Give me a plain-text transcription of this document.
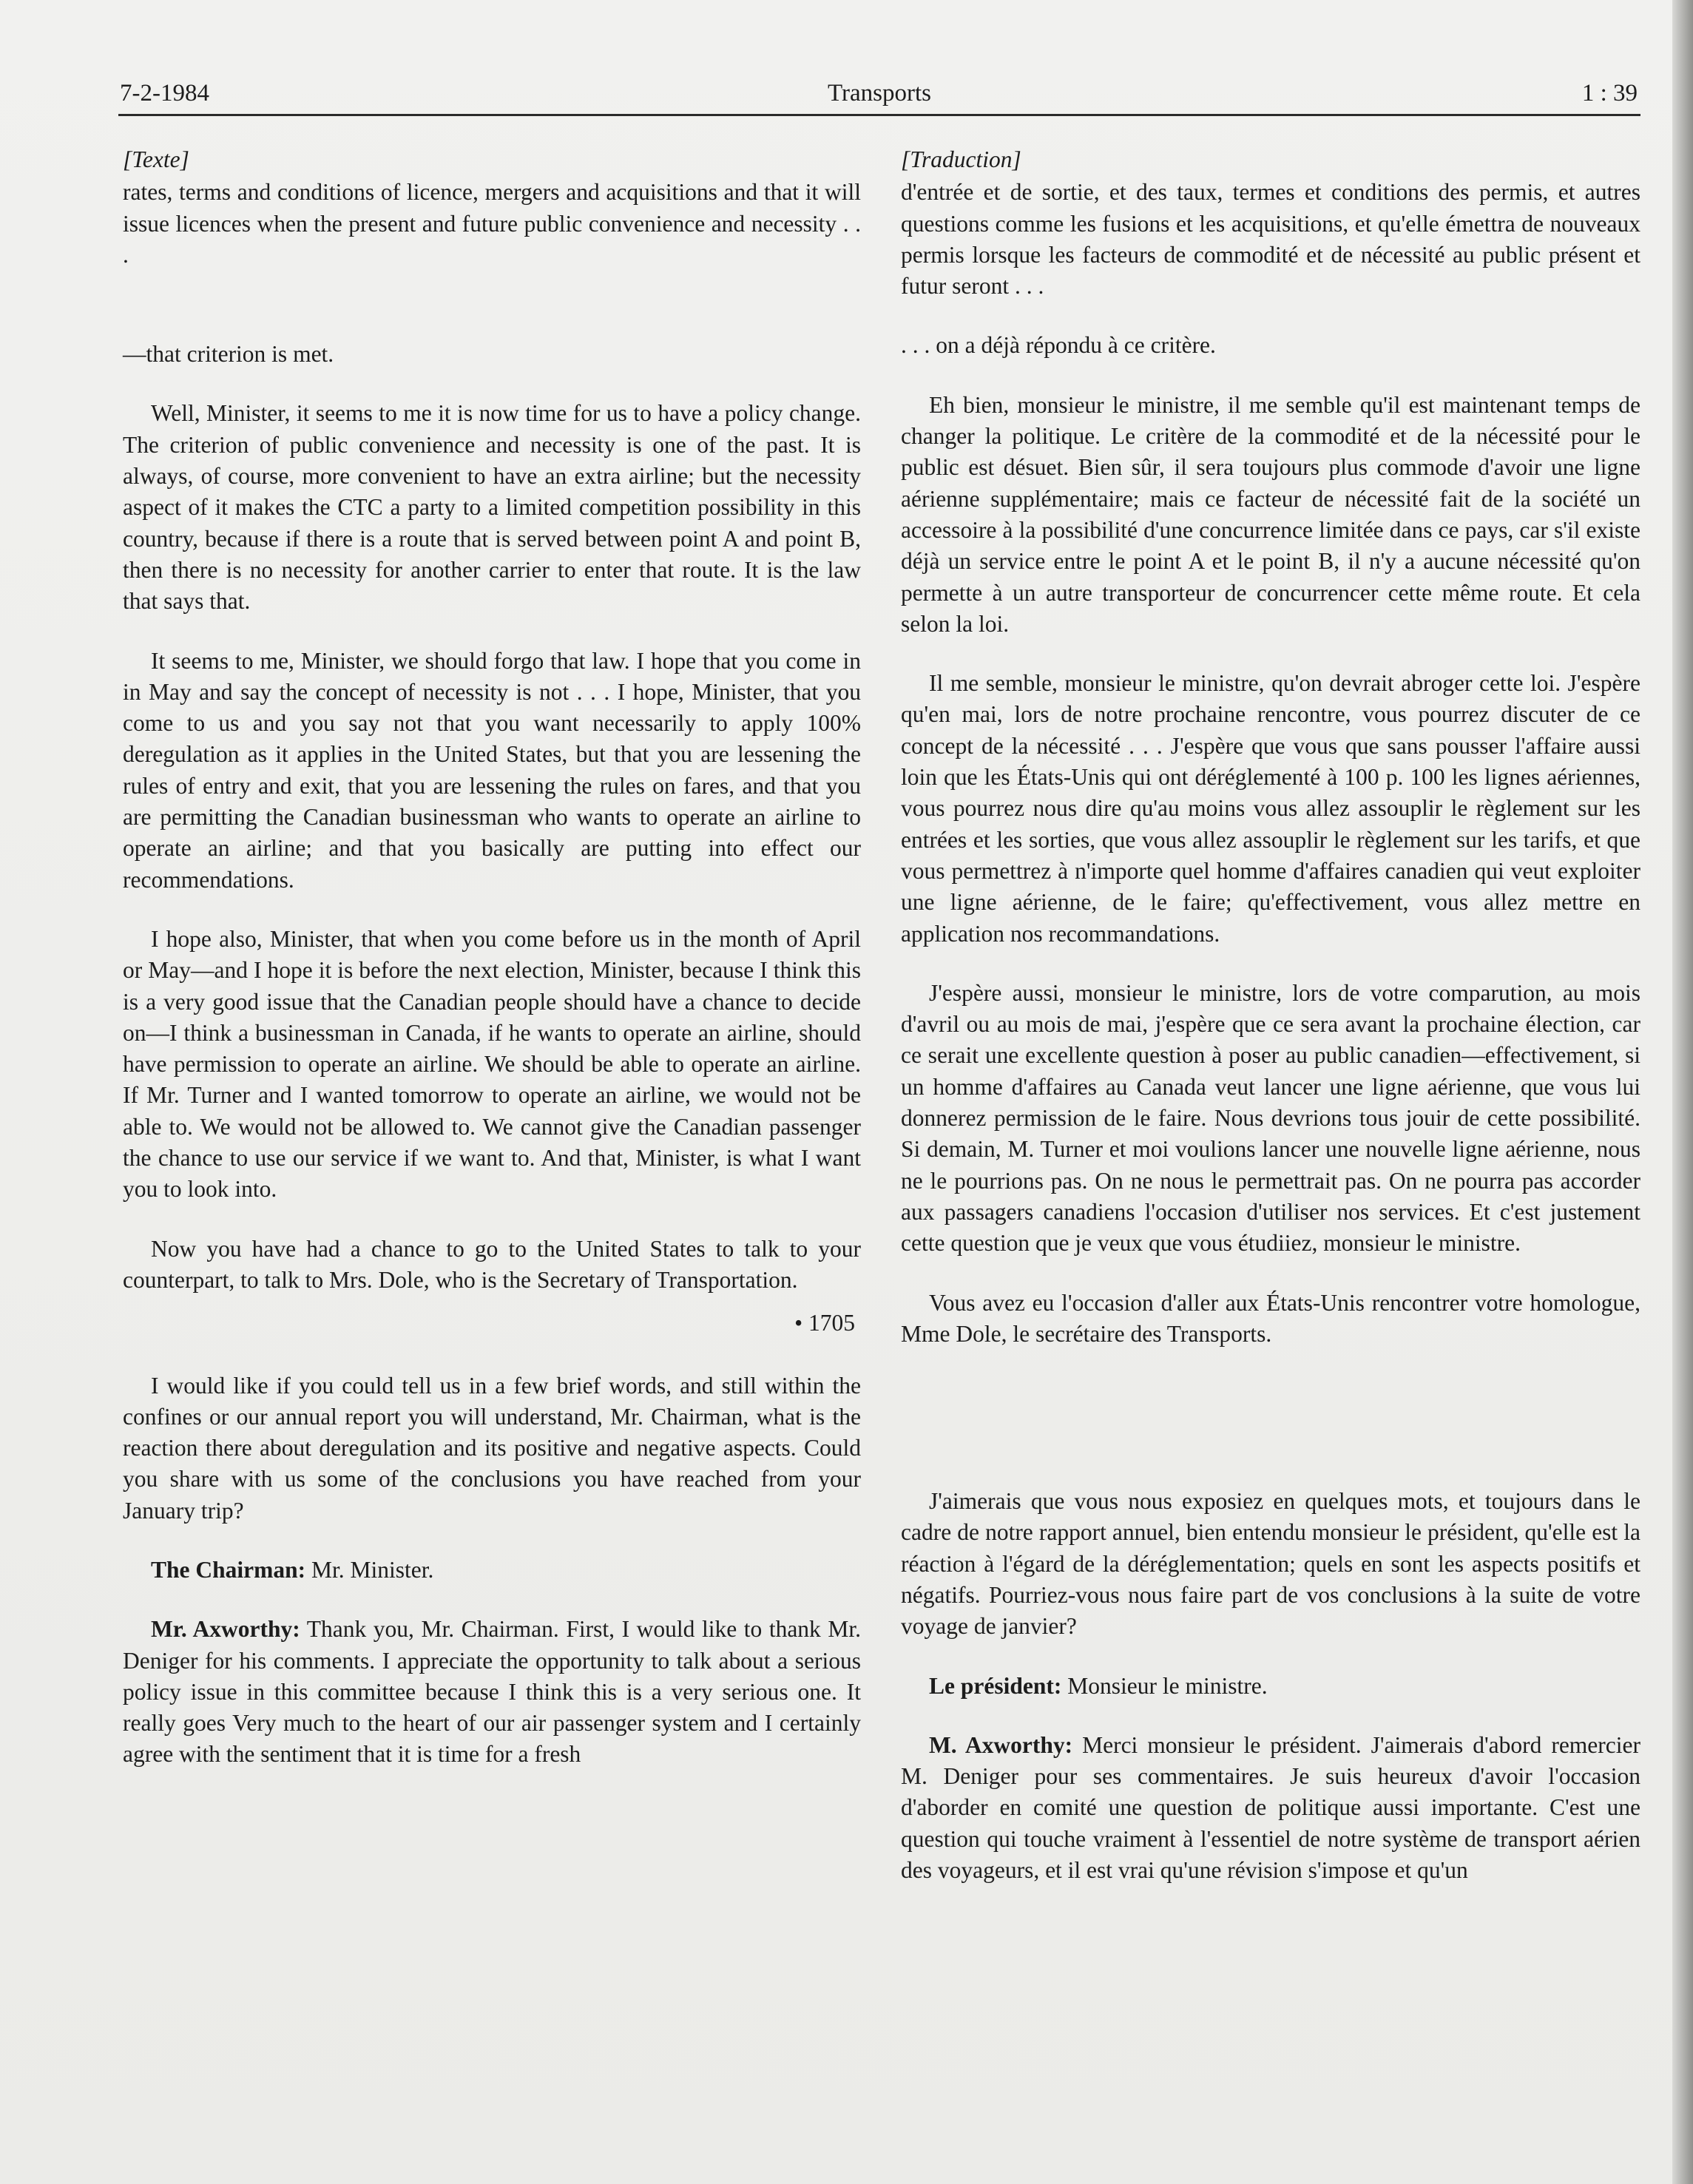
7-2-1984	Transports	1 : 39
[Texte]

rates, terms and conditions of licence, mergers and acquisitions and that it will issue licences when the present and future public convenience and necessity . . .

—that criterion is met.

Well, Minister, it seems to me it is now time for us to have a policy change. The criterion of public convenience and necessity is one of the past. It is always, of course, more convenient to have an extra airline; but the necessity aspect of it makes the CTC a party to a limited competition possibility in this country, because if there is a route that is served between point A and point B, then there is no necessity for another carrier to enter that route. It is the law that says that.

It seems to me, Minister, we should forgo that law. I hope that you come in in May and say the concept of necessity is not . . . I hope, Minister, that you come to us and you say not that you want necessarily to apply 100% deregulation as it applies in the United States, but that you are lessening the rules of entry and exit, that you are lessening the rules on fares, and that you are permitting the Canadian businessman who wants to operate an airline to operate an airline; and that you basically are putting into effect our recommendations.

I hope also, Minister, that when you come before us in the month of April or May—and I hope it is before the next election, Minister, because I think this is a very good issue that the Canadian people should have a chance to decide on—I think a businessman in Canada, if he wants to operate an airline, should have permission to operate an airline. We should be able to operate an airline. If Mr. Turner and I wanted tomorrow to operate an airline, we would not be able to. We would not be allowed to. We cannot give the Canadian passenger the chance to use our service if we want to. And that, Minister, is what I want you to look into.

Now you have had a chance to go to the United States to talk to your counterpart, to talk to Mrs. Dole, who is the Secretary of Transportation.

• 1705

I would like if you could tell us in a few brief words, and still within the confines or our annual report you will understand, Mr. Chairman, what is the reaction there about deregulation and its positive and negative aspects. Could you share with us some of the conclusions you have reached from your January trip?

The Chairman: Mr. Minister.

Mr. Axworthy: Thank you, Mr. Chairman. First, I would like to thank Mr. Deniger for his comments. I appreciate the opportunity to talk about a serious policy issue in this committee because I think this is a very serious one. It really goes Very much to the heart of our air passenger system and I certainly agree with the sentiment that it is time for a fresh

[Traduction]

d'entrée et de sortie, et des taux, termes et conditions des permis, et autres questions comme les fusions et les acquisitions, et qu'elle émettra de nouveaux permis lorsque les facteurs de commodité et de nécessité au public présent et futur seront . . .

. . . on a déjà répondu à ce critère.

Eh bien, monsieur le ministre, il me semble qu'il est maintenant temps de changer la politique. Le critère de la commodité et de la nécessité pour le public est désuet. Bien sûr, il sera toujours plus commode d'avoir une ligne aérienne supplémentaire; mais ce facteur de nécessité fait de la société un accessoire à la possibilité d'une concurrence limitée dans ce pays, car s'il existe déjà un service entre le point A et le point B, il n'y a aucune nécessité qu'on permette à un autre transporteur de concurrencer cette même route. Et cela selon la loi.

Il me semble, monsieur le ministre, qu'on devrait abroger cette loi. J'espère qu'en mai, lors de notre prochaine rencontre, vous pourrez discuter de ce concept de la nécessité . . . J'espère que vous que sans pousser l'affaire aussi loin que les États-Unis qui ont déréglementé à 100 p. 100 les lignes aériennes, vous pourrez nous dire qu'au moins vous allez assouplir le règlement sur les entrées et les sorties, que vous allez assouplir le règlement sur les tarifs, et que vous permettrez à n'importe quel homme d'affaires canadien qui veut exploiter une ligne aérienne, de le faire; qu'effectivement, vous allez mettre en application nos recommandations.

J'espère aussi, monsieur le ministre, lors de votre comparution, au mois d'avril ou au mois de mai, j'espère que ce sera avant la prochaine élection, car ce serait une excellente question à poser au public canadien—effectivement, si un homme d'affaires au Canada veut lancer une ligne aérienne, que vous lui donnerez permission de le faire. Nous devrions tous jouir de cette possibilité. Si demain, M. Turner et moi voulions lancer une nouvelle ligne aérienne, nous ne le pourrions pas. On ne nous le permettrait pas. On ne pourra pas accorder aux passagers canadiens l'occasion d'utiliser nos services. Et c'est justement cette question que je veux que vous étudiiez, monsieur le ministre.

Vous avez eu l'occasion d'aller aux États-Unis rencontrer votre homologue, Mme Dole, le secrétaire des Transports.

J'aimerais que vous nous exposiez en quelques mots, et toujours dans le cadre de notre rapport annuel, bien entendu monsieur le président, qu'elle est la réaction à l'égard de la déréglementation; quels en sont les aspects positifs et négatifs. Pourriez-vous nous faire part de vos conclusions à la suite de votre voyage de janvier?

Le président: Monsieur le ministre.

M. Axworthy: Merci monsieur le président. J'aimerais d'abord remercier M. Deniger pour ses commentaires. Je suis heureux d'avoir l'occasion d'aborder en comité une question de politique aussi importante. C'est une question qui touche vraiment à l'essentiel de notre système de transport aérien des voyageurs, et il est vrai qu'une révision s'impose et qu'un
